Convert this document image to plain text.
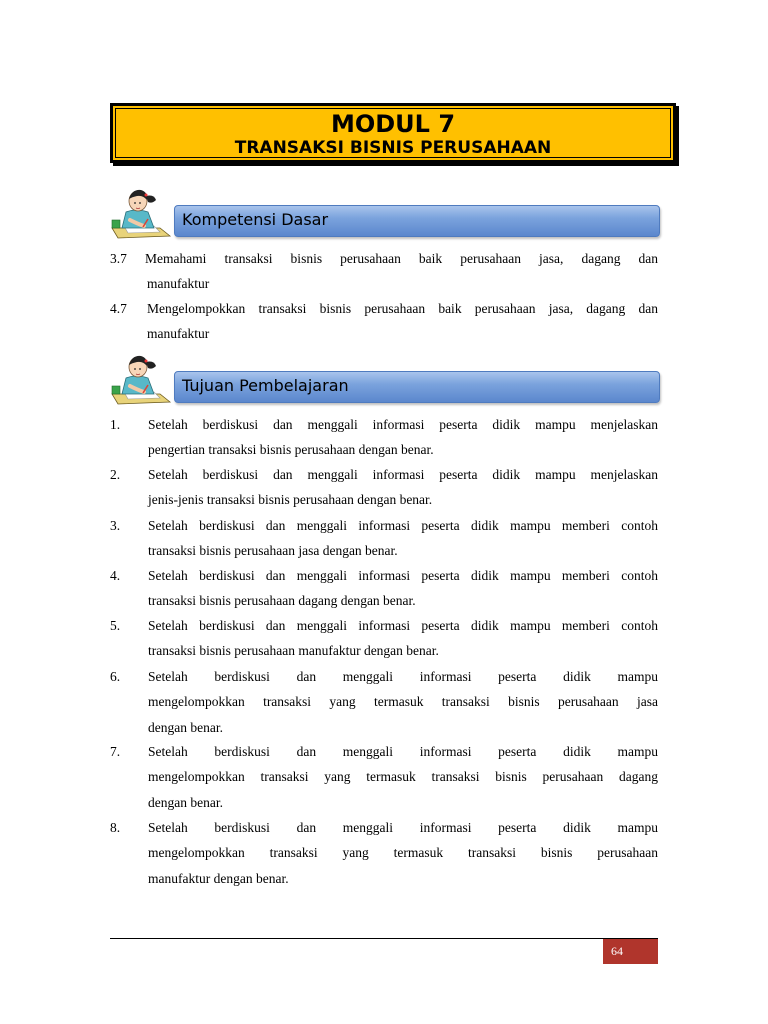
MODUL 7
TRANSAKSI BISNIS PERUSAHAAN
Kompetensi Dasar
3.7 Memahami transaksi bisnis perusahaan baik perusahaan jasa, dagang dan
manufaktur
4.7	Mengelompokkan transaksi bisnis perusahaan baik perusahaan jasa, dagang dan
manufaktur
Tujuan Pembelajaran
1. Setelah berdiskusi dan menggali informasi peserta didik mampu menjelaskan
pengertian transaksi bisnis perusahaan dengan benar.
2. Setelah berdiskusi dan menggali informasi peserta didik mampu menjelaskan
jenis-jenis transaksi bisnis perusahaan dengan benar.
3. Setelah berdiskusi dan menggali informasi peserta didik mampu memberi contoh
transaksi bisnis perusahaan jasa dengan benar.
4. Setelah berdiskusi dan menggali informasi peserta didik mampu memberi contoh
transaksi bisnis perusahaan dagang dengan benar.
5. Setelah berdiskusi dan menggali informasi peserta didik mampu memberi contoh
transaksi bisnis perusahaan manufaktur dengan benar.
6. Setelah berdiskusi dan menggali informasi peserta didik mampu
mengelompokkan transaksi yang termasuk transaksi bisnis perusahaan jasa
dengan benar.
7. Setelah berdiskusi dan menggali informasi peserta didik mampu
mengelompokkan transaksi yang termasuk transaksi bisnis perusahaan dagang
dengan benar.
8. Setelah berdiskusi dan menggali informasi peserta didik mampu
mengelompokkan transaksi yang termasuk transaksi bisnis perusahaan
manufaktur dengan benar.
64
